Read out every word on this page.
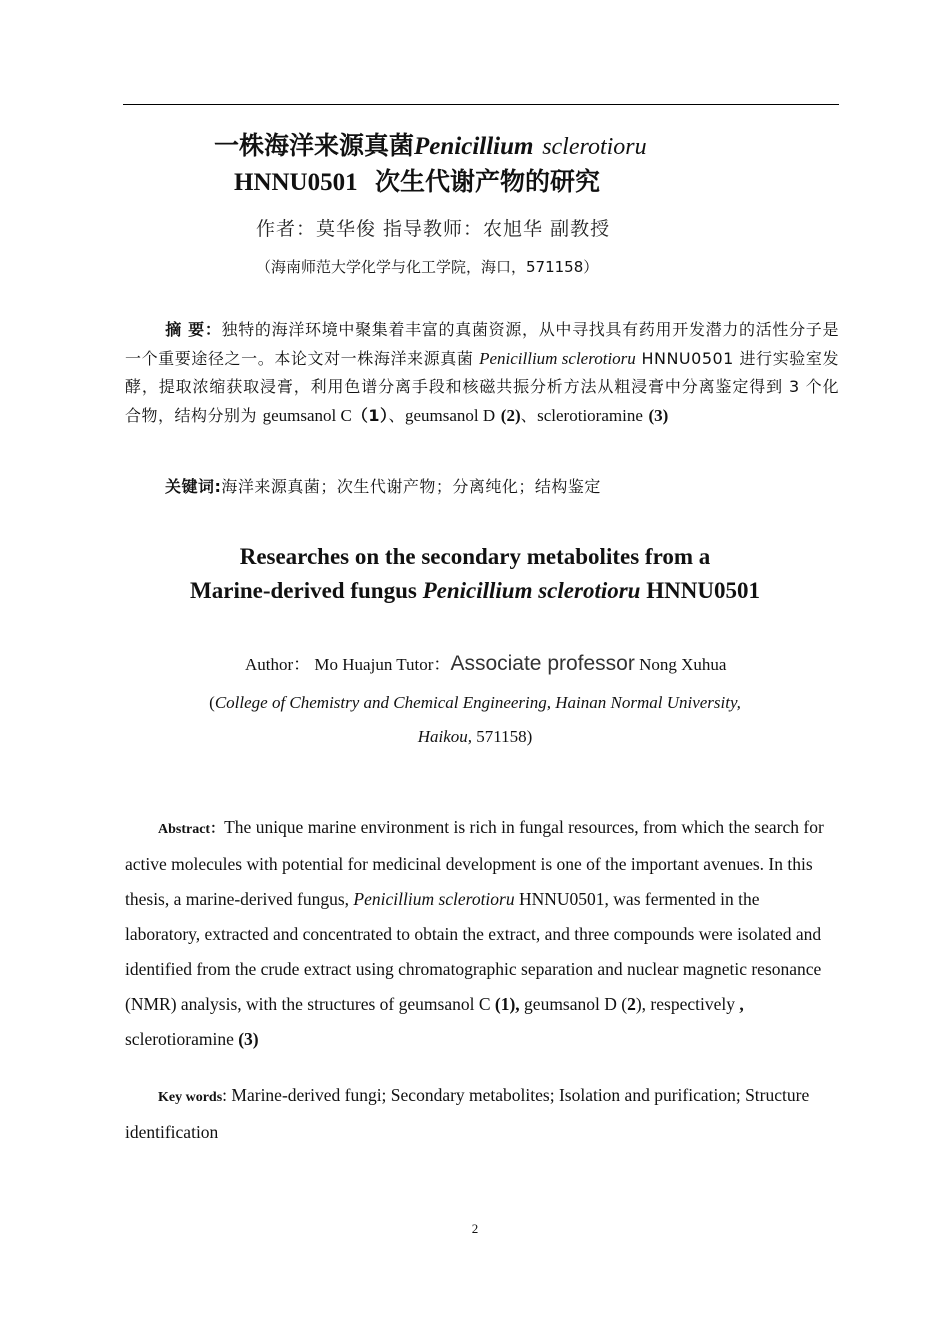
一株海洋来源真菌Penicillium sclerotioru
HNNU0501 次生代谢产物的研究
作者：莫华俊 指导教师：农旭华 副教授
（海南师范大学化学与化工学院，海口，571158）
摘 要：独特的海洋环境中聚集着丰富的真菌资源，从中寻找具有药用开发潜力的活性分子是一个重要途径之一。本论文对一株海洋来源真菌 Penicillium sclerotioru HNNU0501 进行实验室发酵，提取浓缩获取浸膏，利用色谱分离手段和核磁共振分析方法从粗浸膏中分离鉴定得到 3 个化合物，结构分别为 geumsanol C（1）、geumsanol D (2)、sclerotioramine (3)
关键词:海洋来源真菌；次生代谢产物；分离纯化；结构鉴定
Researches on the secondary metabolites from a
Marine-derived fungus Penicillium sclerotioru HNNU0501
Author： Mo Huajun Tutor：Associate professor Nong Xuhua
(College of Chemistry and Chemical Engineering, Hainan Normal University,
Haikou, 571158)
Abstract：The unique marine environment is rich in fungal resources, from which the search for active molecules with potential for medicinal development is one of the important avenues. In this thesis, a marine-derived fungus, Penicillium sclerotioru HNNU0501, was fermented in the laboratory, extracted and concentrated to obtain the extract, and three compounds were isolated and identified from the crude extract using chromatographic separation and nuclear magnetic resonance (NMR) analysis, with the structures of geumsanol C (1), geumsanol D (2), respectively , sclerotioramine (3)
Key words: Marine-derived fungi; Secondary metabolites; Isolation and purification; Structure identification
2
